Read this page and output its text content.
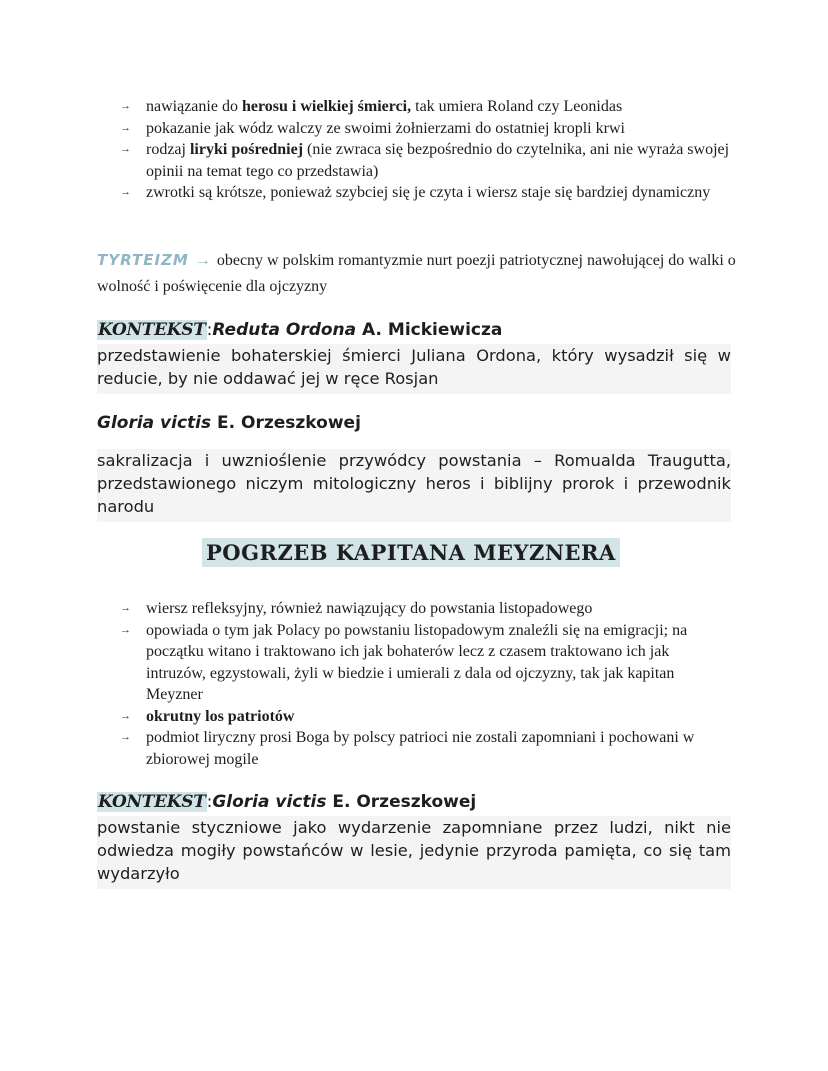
→ nawiązanie do herosu i wielkiej śmierci, tak umiera Roland czy Leonidas
→ pokazanie jak wódz walczy ze swoimi żołnierzami do ostatniej kropli krwi
→ rodzaj liryki pośredniej (nie zwraca się bezpośrednio do czytelnika, ani nie wyraża swojej opinii na temat tego co przedstawia)
→ zwrotki są krótsze, ponieważ szybciej się je czyta i wiersz staje się bardziej dynamiczny
TYRTEIZM → obecny w polskim romantyzmie nurt poezji patriotycznej nawołującej do walki o wolność i poświęcenie dla ojczyzny
KONTEKST:Reduta Ordona A. Mickiewicza
przedstawienie bohaterskiej śmierci Juliana Ordona, który wysadził się w reducie, by nie oddawać jej w ręce Rosjan
Gloria victis E. Orzeszkowej
sakralizacja i uwznioślenie przywódcy powstania – Romualda Traugutta, przedstawionego niczym mitologiczny heros i biblijny prorok i przewodnik narodu
POGRZEB KAPITANA MEYZNERA
→ wiersz refleksyjny, również nawiązujący do powstania listopadowego
→ opowiada o tym jak Polacy po powstaniu listopadowym znaleźli się na emigracji; na początku witano i traktowano ich jak bohaterów lecz z czasem traktowano ich jak intruzów, egzystowali, żyli w biedzie i umierali z dala od ojczyzny, tak jak kapitan Meyzner
→ okrutny los patriotów
→ podmiot liryczny prosi Boga by polscy patrioci nie zostali zapomniani i pochowani w zbiorowej mogile
KONTEKST:Gloria victis E. Orzeszkowej
powstanie styczniowe jako wydarzenie zapomniane przez ludzi, nikt nie odwiedza mogiły powstańców w lesie, jedynie przyroda pamięta, co się tam wydarzyło
